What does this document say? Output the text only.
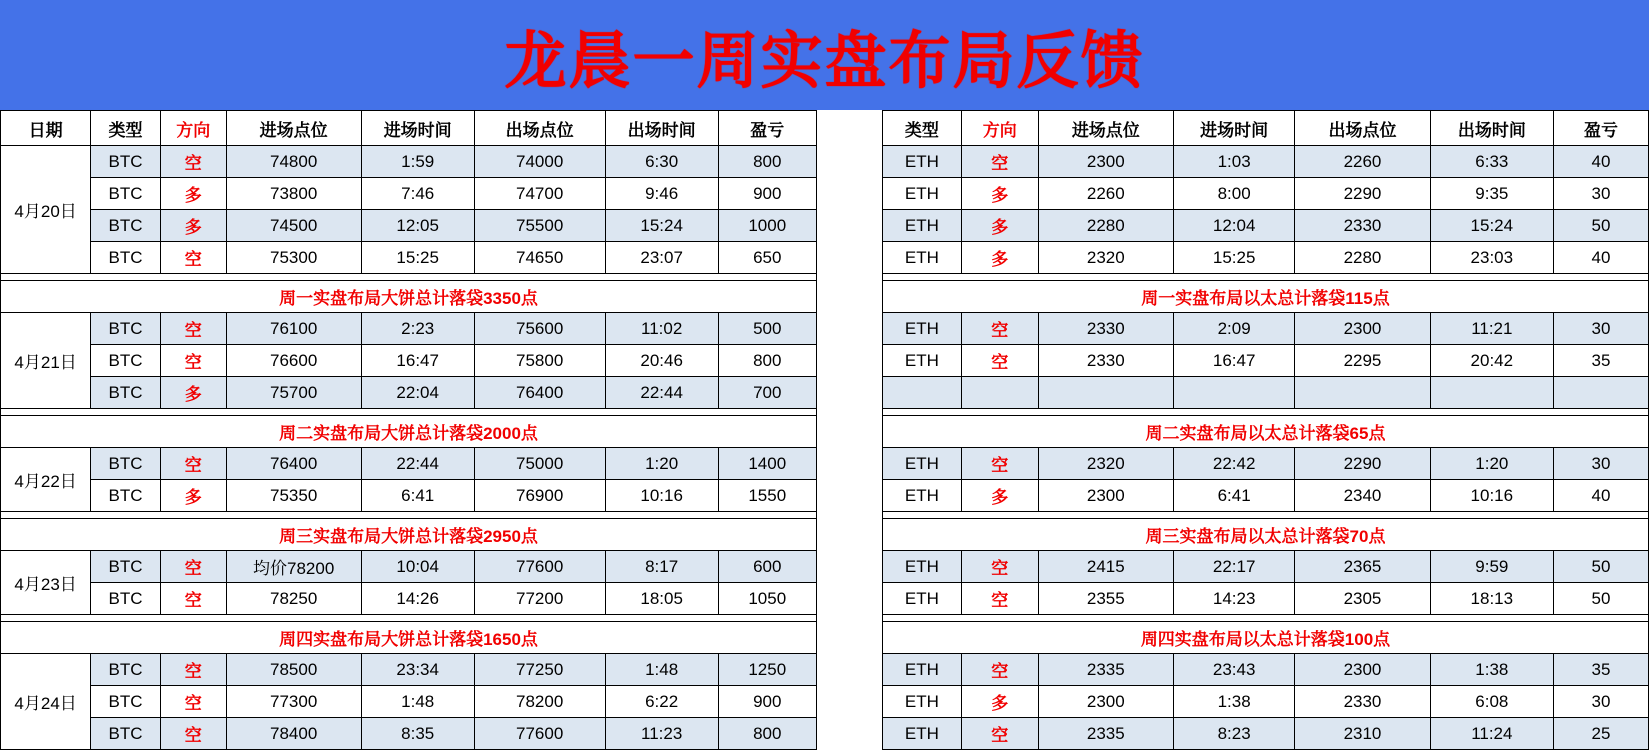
龙晨一周实盘布局反馈
日期	类型	方向	进场点位	进场时间	出场点位	出场时间	盈亏
4月20日	BTC	空	74800	1:59	74000	6:30	800
	BTC	多	73800	7:46	74700	9:46	900
	BTC	多	74500	12:05	75500	15:24	1000
	BTC	空	75300	15:25	74650	23:07	650

周一实盘布局大饼总计落袋3350点							
4月21日	BTC	空	76100	2:23	75600	11:02	500
	BTC	空	76600	16:47	75800	20:46	800
	BTC	多	75700	22:04	76400	22:44	700

周二实盘布局大饼总计落袋2000点							
4月22日	BTC	空	76400	22:44	75000	1:20	1400
	BTC	多	75350	6:41	76900	10:16	1550

周三实盘布局大饼总计落袋2950点							
4月23日	BTC	空	均价78200	10:04	77600	8:17	600
	BTC	空	78250	14:26	77200	18:05	1050

周四实盘布局大饼总计落袋1650点							
4月24日	BTC	空	78500	23:34	77250	1:48	1250
	BTC	空	77300	1:48	78200	6:22	900
	BTC	空	78400	8:35	77600	11:23	800
类型	方向	进场点位	进场时间	出场点位	出场时间	盈亏
ETH	空	2300	1:03	2260	6:33	40
ETH	多	2260	8:00	2290	9:35	30
ETH	多	2280	12:04	2330	15:24	50
ETH	多	2320	15:25	2280	23:03	40

周一实盘布局以太总计落袋115点						
ETH	空	2330	2:09	2300	11:21	30
ETH	空	2330	16:47	2295	20:42	35

周二实盘布局以太总计落袋65点						
ETH	空	2320	22:42	2290	1:20	30
ETH	多	2300	6:41	2340	10:16	40

周三实盘布局以太总计落袋70点						
ETH	空	2415	22:17	2365	9:59	50
ETH	空	2355	14:23	2305	18:13	50

周四实盘布局以太总计落袋100点						
ETH	空	2335	23:43	2300	1:38	35
ETH	多	2300	1:38	2330	6:08	30
ETH	空	2335	8:23	2310	11:24	25
